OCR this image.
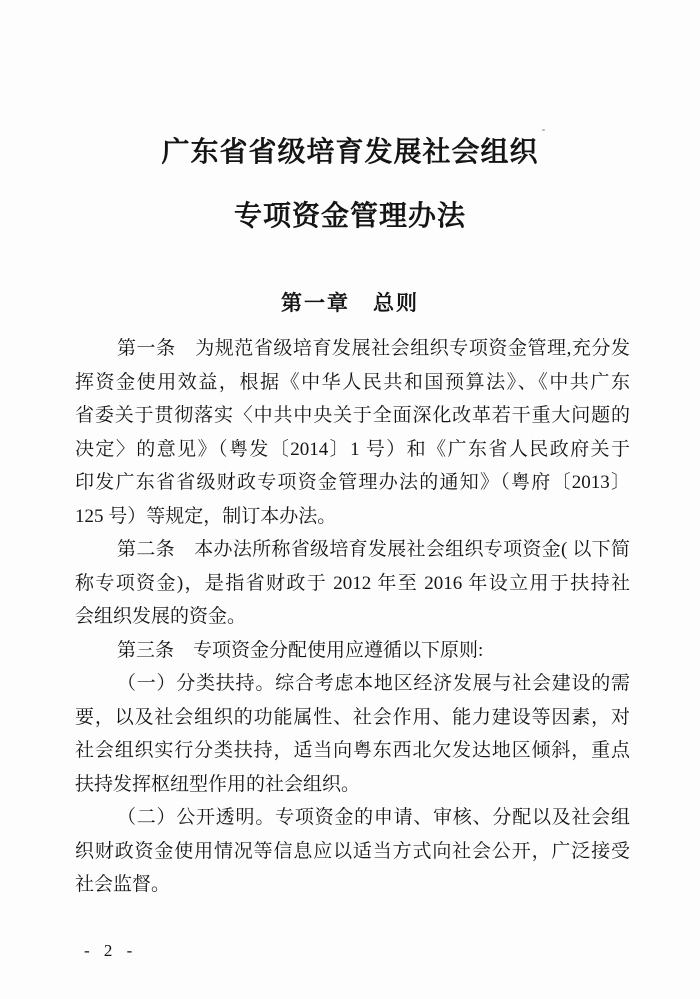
广东省省级培育发展社会组织
专项资金管理办法
第一章　总则
第一条　为规范省级培育发展社会组织专项资金管理,充分发
挥资金使用效益，根据《中华人民共和国预算法》、《中共广东
省委关于贯彻落实〈中共中央关于全面深化改革若干重大问题的
决定〉的意见》（粤发〔2014〕1 号）和《广东省人民政府关于
印发广东省省级财政专项资金管理办法的通知》（粤府〔2013〕
125 号）等规定，制订本办法。
第二条　本办法所称省级培育发展社会组织专项资金( 以下简
称专项资金)，是指省财政于 2012 年至 2016 年设立用于扶持社
会组织发展的资金。
第三条　专项资金分配使用应遵循以下原则:
（一）分类扶持。综合考虑本地区经济发展与社会建设的需
要，以及社会组织的功能属性、社会作用、能力建设等因素，对
社会组织实行分类扶持，适当向粤东西北欠发达地区倾斜，重点
扶持发挥枢纽型作用的社会组织。
（二）公开透明。专项资金的申请、审核、分配以及社会组
织财政资金使用情况等信息应以适当方式向社会公开，广泛接受
社会监督。
- 2 -
